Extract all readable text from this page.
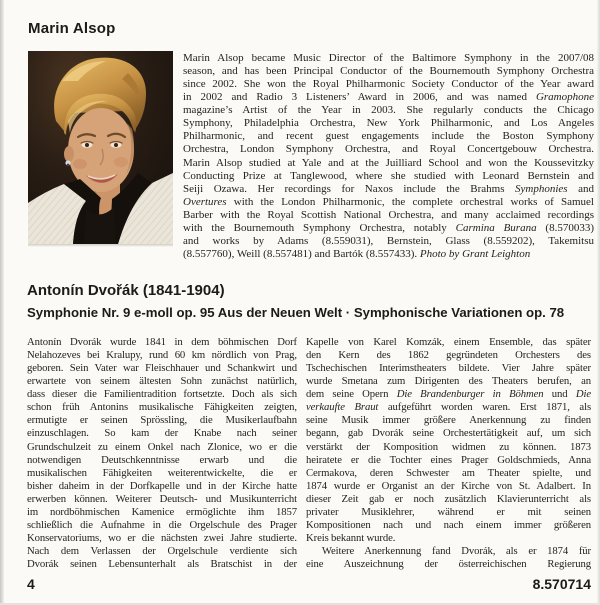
Marin Alsop
Marin Alsop became Music Director of the Baltimore Symphony in the 2007/08
season, and has been Principal Conductor of the Bournemouth Symphony Orchestra
since 2002. She won the Royal Philharmonic Society Conductor of the Year award
in 2002 and Radio 3 Listeners’ Award in 2006, and was named Gramophone
magazine’s Artist of the Year in 2003. She regularly conducts the Chicago
Symphony, Philadelphia Orchestra, New York Philharmonic, and Los Angeles
Philharmonic, and recent guest engagements include the Boston Symphony
Orchestra, London Symphony Orchestra, and Royal Concertgebouw Orchestra.
Marin Alsop studied at Yale and at the Juilliard School and won the Koussevitzky
Conducting Prize at Tanglewood, where she studied with Leonard Bernstein and
Seiji Ozawa. Her recordings for Naxos include the Brahms Symphonies and
Overtures with the London Philharmonic, the complete orchestral works of Samuel
Barber with the Royal Scottish National Orchestra, and many acclaimed recordings
with the Bournemouth Symphony Orchestra, notably Carmina Burana (8.570033)
and works by Adams (8.559031), Bernstein, Glass (8.559202), Takemitsu
(8.557760), Weill (8.557481) and Bartók (8.557433). Photo by Grant Leighton
Antonín Dvořák (1841-1904)
Symphonie Nr. 9 e-moll op. 95 Aus der Neuen Welt · Symphonische Variationen op. 78
Antonín Dvorák wurde 1841 in dem böhmischen Dorf
Nelahozeves bei Kralupy, rund 60 km nördlich von Prag,
geboren. Sein Vater war Fleischhauer und Schankwirt und
erwartete von seinem ältesten Sohn zunächst natürlich,
dass dieser die Familientradition fortsetzte. Doch als sich
schon früh Antonins musikalische Fähigkeiten zeigten,
ermutigte er seinen Sprössling, die Musikerlaufbahn
einzuschlagen. So kam der Knabe nach seiner
Grundschulzeit zu einem Onkel nach Zlonice, wo er die
notwendigen Deutschkenntnisse erwarb und die
musikalischen Fähigkeiten weiterentwickelte, die er
bisher daheim in der Dorfkapelle und in der Kirche hatte
erwerben können. Weiterer Deutsch- und Musikunterricht
im nordböhmischen Kamenice ermöglichte ihm 1857
schließlich die Aufnahme in die Orgelschule des Prager
Konservatoriums, wo er die nächsten zwei Jahre studierte.
Nach dem Verlassen der Orgelschule verdiente sich
Dvorák seinen Lebensunterhalt als Bratschist in der
Kapelle von Karel Komzák, einem Ensemble, das später
den Kern des 1862 gegründeten Orchesters des
Tschechischen Interimstheaters bildete. Vier Jahre später
wurde Smetana zum Dirigenten des Theaters berufen, an
dem seine Opern Die Brandenburger in Böhmen und Die
verkaufte Braut aufgeführt worden waren. Erst 1871, als
seine Musik immer größere Anerkennung zu finden
begann, gab Dvorák seine Orchestertätigkeit auf, um sich
verstärkt der Komposition widmen zu können. 1873
heiratete er die Tochter eines Prager Goldschmieds, Anna
Cermakova, deren Schwester am Theater spielte, und
1874 wurde er Organist an der Kirche von St. Adalbert. In
dieser Zeit gab er noch zusätzlich Klavierunterricht als
privater Musiklehrer, während er mit seinen
Kompositionen nach und nach einem immer größeren
Kreis bekannt wurde.
  Weitere Anerkennung fand Dvorák, als er 1874 für
eine Auszeichnung der österreichischen Regierung
4	8.570714
